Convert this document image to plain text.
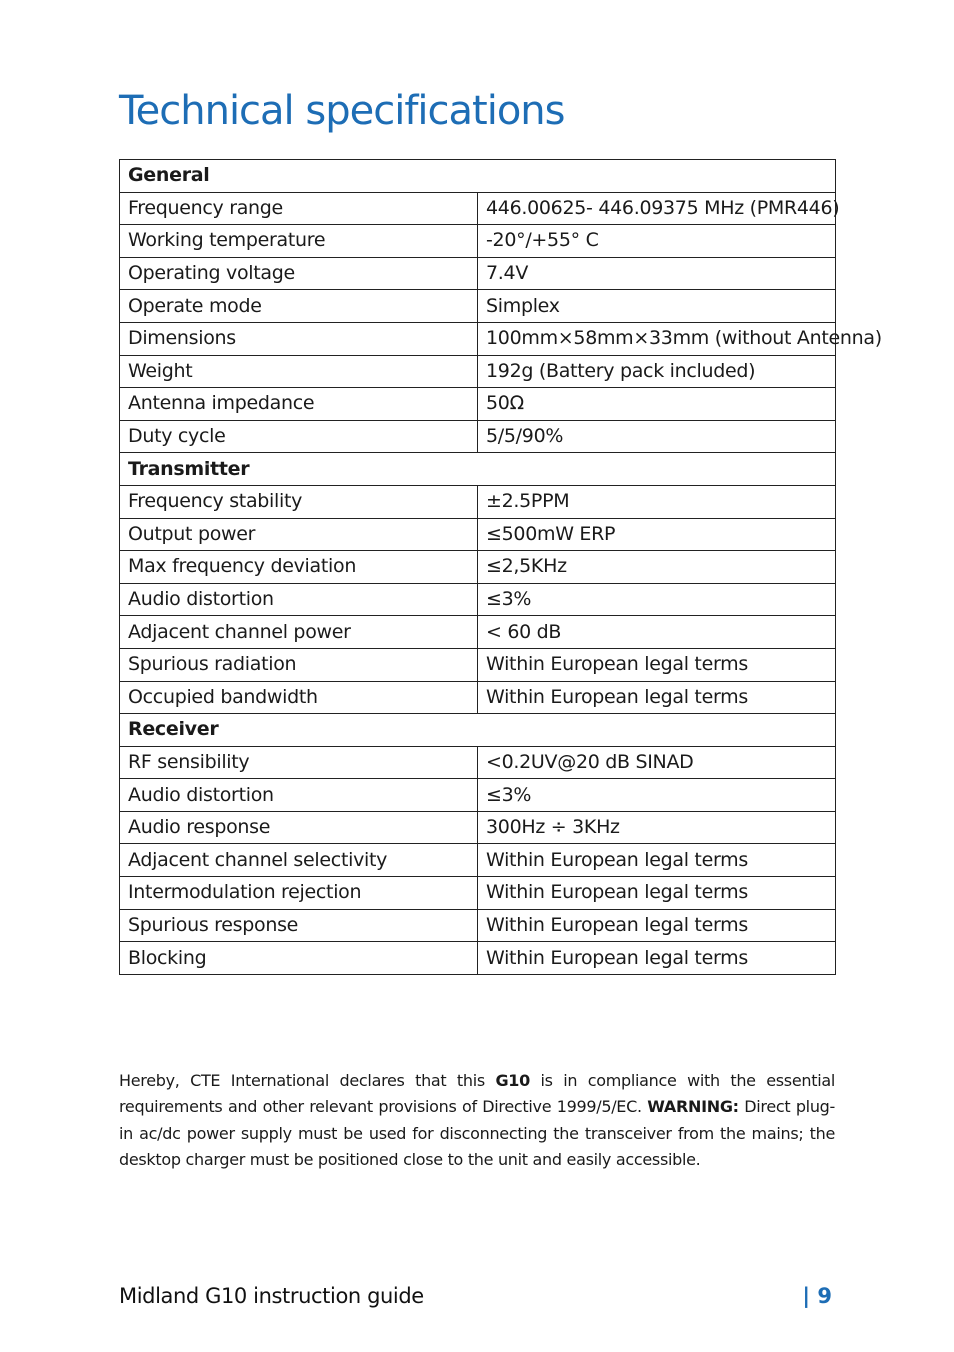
Technical specifications
General	
Frequency range	446.00625- 446.09375 MHz (PMR446)
Working temperature	-20°/+55° C
Operating voltage	7.4V
Operate mode	Simplex
Dimensions	100mm×58mm×33mm (without Antenna)
Weight	192g (Battery pack included)
Antenna impedance	50Ω
Duty cycle	5/5/90%
Transmitter	
Frequency stability	±2.5PPM
Output power	≤500mW ERP
Max frequency deviation	≤2,5KHz
Audio distortion	≤3%
Adjacent channel power	< 60 dB
Spurious radiation	Within European legal terms
Occupied bandwidth	Within European legal terms
Receiver	
RF sensibility	<0.2UV@20 dB SINAD
Audio distortion	≤3%
Audio response	300Hz ÷ 3KHz
Adjacent channel selectivity	Within European legal terms
Intermodulation rejection	Within European legal terms
Spurious response	Within European legal terms
Blocking	Within European legal terms

Hereby, CTE International declares that this G10 is in compliance with the essential requirements and other relevant provisions of Directive 1999/5/EC. WARNING: Direct plug-in ac/dc power supply must be used for disconnecting the transceiver from the mains; the desktop charger must be positioned close to the unit and easily accessible.

Midland G10 instruction guide	| 9
